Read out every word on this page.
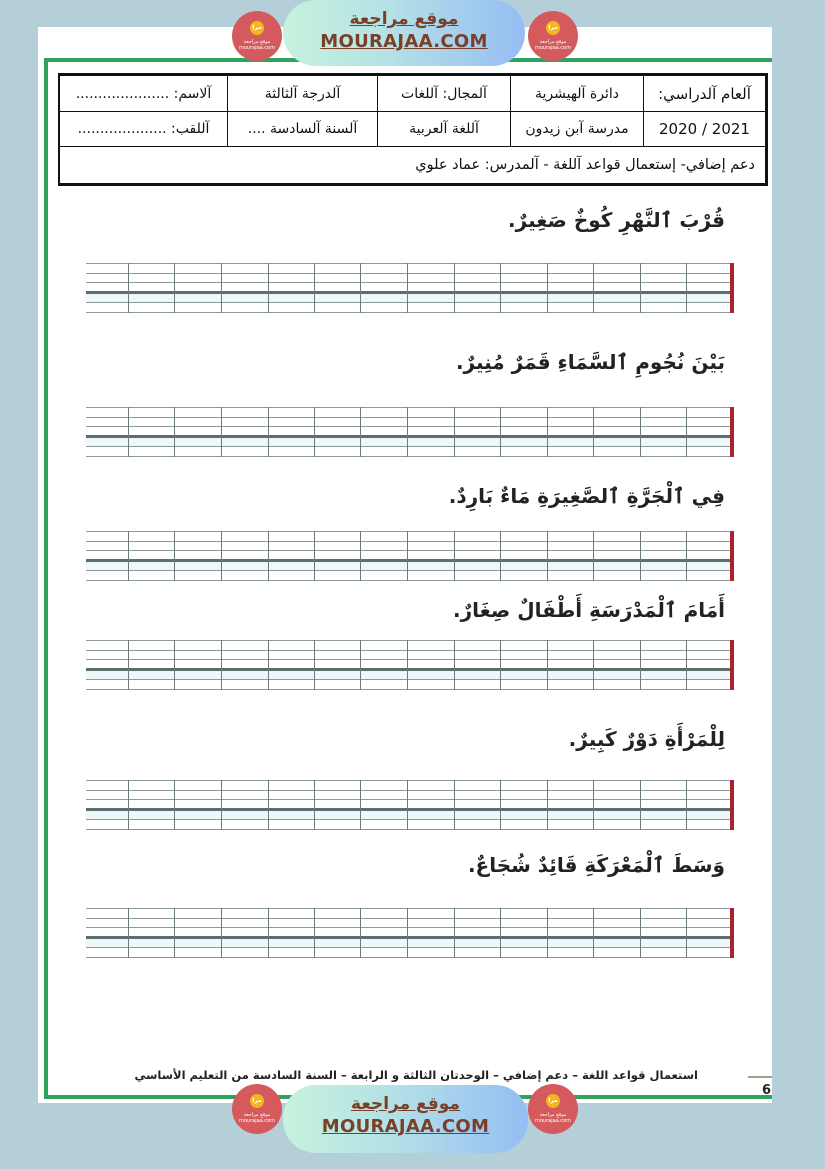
مرا
موقع مراجعة
mourajaa.com
موقع مراجعة
MOURAJAA.COM
مرا
موقع مراجعة
mourajaa.com
آلعام آلدراسي:	دائرة آلهيشرية	آلمجال: آللغات	آلدرجة آلثالثة	آلاسم: .....................
2021 / 2020	مدرسة آبن زيدون	آللغة آلعربية	آلسنة آلسادسة ....	آللقب: ....................
دعم إضافي- إستعمال قواعد آللغة - آلمدرس: عماد علوي				
قُرْبَ ٱلنَّهْرِ كُوخٌ صَغِيرٌ.
بَيْنَ نُجُومِ ٱلسَّمَاءِ قَمَرٌ مُنِيرٌ.
فِي ٱلْجَرَّةِ ٱلصَّغِيرَةِ مَاءٌ بَارِدٌ.
أَمَامَ ٱلْمَدْرَسَةِ أَطْفَالٌ صِغَارٌ.
لِلْمَرْأَةِ دَوْرٌ كَبِيرٌ.
وَسَطَ ٱلْمَعْرَكَةِ قَائِدٌ شُجَاعٌ.
استعمال قواعد اللغة – دعم إضافي – الوحدتان الثالثة و الرابعة – السنة السادسة من التعليم الأساسي
6
مرا
موقع مراجعة
mourajaa.com
موقع مراجعة
MOURAJAA.COM
مرا
موقع مراجعة
mourajaa.com
